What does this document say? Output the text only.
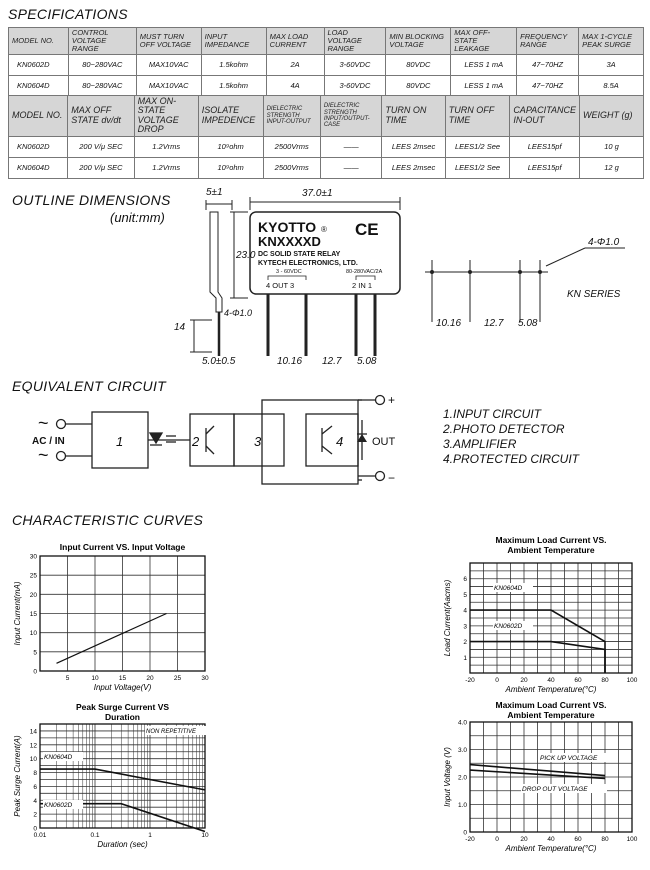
SPECIFICATIONS
OUTLINE DIMENSIONS
(unit:mm)
EQUIVALENT CIRCUIT
CHARACTERISTIC CURVES
MODEL NO.	CONTROL VOLTAGE RANGE	MUST TURN OFF VOLTAGE	INPUT IMPEDANCE	MAX LOAD CURRENT	LOAD VOLTAGE RANGE	MIN BLOCKING VOLTAGE	MAX OFF-STATE LEAKAGE	FREQUENCY RANGE	MAX 1-CYCLE PEAK SURGE
KN0602D	80~280VAC	MAX10VAC	1.5kohm	2A	3-60VDC	80VDC	LESS 1 mA	47~70HZ	3A
KN0604D	80~280VAC	MAX10VAC	1.5kohm	4A	3-60VDC	80VDC	LESS 1 mA	47~70HZ	8.5A
MODEL NO.	MAX OFF STATE dv/dt	MAX ON-STATE VOLTAGE DROP	ISOLATE IMPEDENCE	DIELECTRIC STRENGTH INPUT-OUTPUT	DIELECTRIC STRENGTH INPUT/OUTPUT-CASE	TURN ON TIME	TURN OFF TIME	CAPACITANCE IN-OUT	WEIGHT (g)
KN0602D	200 V/μ SEC	1.2Vrms	10⁹ohm	2500Vrms	——	LEES 2msec	LEES1/2 See	LEES15pf	10 g
KN0604D	200 V/μ SEC	1.2Vrms	10⁹ohm	2500Vrms	——	LEES 2msec	LEES1/2 See	LEES15pf	12 g
5±1	37.0±1
23.0
14
4-Φ1.0
5.0±0.5	10.16 12.7 5.08
10.16 12.7 5.08
4-Φ1.0
KN SERIES
KYOTTO ® CE
KNXXXXD
DC SOLID STATE RELAY
KYTECH ELECTRONICS, LTD.
3 - 60VDC
4 OUT 3
80-280VAC/2A
2 IN 1
~
~
AC / IN	1	2	3	4	OUT
+
−
1.INPUT CIRCUIT
2.PHOTO DETECTOR
3.AMPLIFIER
4.PROTECTED CIRCUIT
Input Current VS. Input Voltage
5	10	15	20	25	30
0
5
10
15
20
25
30
Input Voltage(V)
Input Current(mA)
Maximum Load Current VS.
Ambient Temperature
-20	0	20	40	60	80	100
1
2
3
4
5
6
Ambient Temperature(°C)
Load Current(Aacms)	KN0604D
KN0602D
Peak Surge Current VS
Duration
0.01	0.1	1	10
0
2
4
6
8
10
12
14
Duration (sec)
Peak Surge Current(A)	KN0604D
KN0602D
NON REPETITIVE
Maximum Load Current VS.
Ambient Temperature
-20	0	20	40	60	80	100
0
1.0
2.0
3.0
4.0
Ambient Temperature(°C)
Input Voltage (V)	PICK UP VOLTAGE
DROP OUT VOLTAGE
